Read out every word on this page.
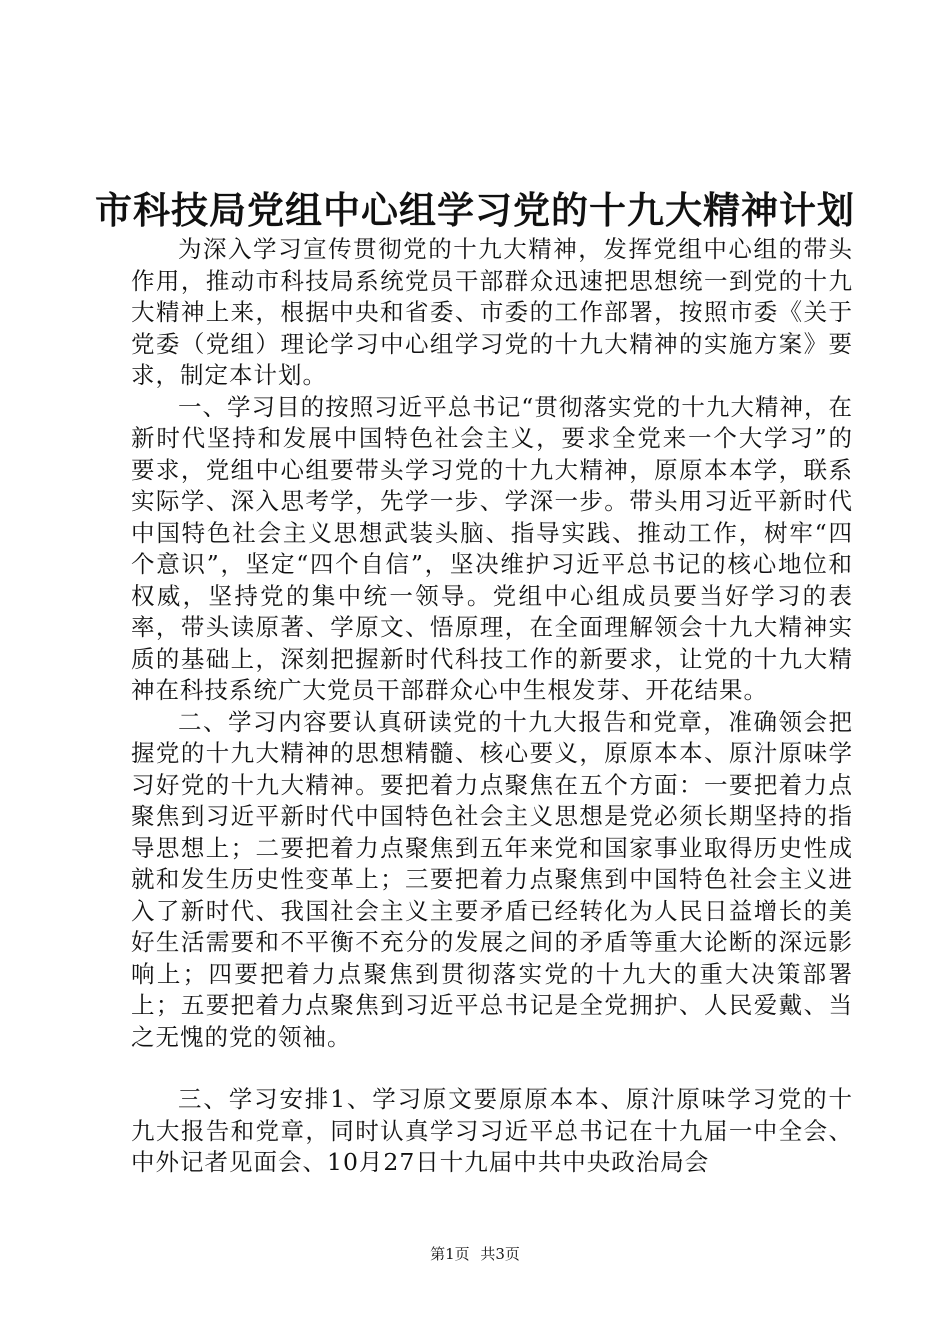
市科技局党组中心组学习党的十九大精神计划

为深入学习宣传贯彻党的十九大精神，发挥党组中心组的带头作用，推动市科技局系统党员干部群众迅速把思想统一到党的十九大精神上来，根据中央和省委、市委的工作部署，按照市委《关于党委（党组）理论学习中心组学习党的十九大精神的实施方案》要求，制定本计划。

一、学习目的按照习近平总书记“贯彻落实党的十九大精神，在新时代坚持和发展中国特色社会主义，要求全党来一个大学习”的要求，党组中心组要带头学习党的十九大精神，原原本本学，联系实际学、深入思考学，先学一步、学深一步。带头用习近平新时代中国特色社会主义思想武装头脑、指导实践、推动工作，树牢“四个意识”，坚定“四个自信”，坚决维护习近平总书记的核心地位和权威，坚持党的集中统一领导。党组中心组成员要当好学习的表率，带头读原著、学原文、悟原理，在全面理解领会十九大精神实质的基础上，深刻把握新时代科技工作的新要求，让党的十九大精神在科技系统广大党员干部群众心中生根发芽、开花结果。

二、学习内容要认真研读党的十九大报告和党章，准确领会把握党的十九大精神的思想精髓、核心要义，原原本本、原汁原味学习好党的十九大精神。要把着力点聚焦在五个方面：一要把着力点聚焦到习近平新时代中国特色社会主义思想是党必须长期坚持的指导思想上；二要把着力点聚焦到五年来党和国家事业取得历史性成就和发生历史性变革上；三要把着力点聚焦到中国特色社会主义进入了新时代、我国社会主义主要矛盾已经转化为人民日益增长的美好生活需要和不平衡不充分的发展之间的矛盾等重大论断的深远影响上；四要把着力点聚焦到贯彻落实党的十九大的重大决策部署上；五要把着力点聚焦到习近平总书记是全党拥护、人民爱戴、当之无愧的党的领袖。

三、学习安排1、学习原文要原原本本、原汁原味学习党的十九大报告和党章，同时认真学习习近平总书记在十九届一中全会、中外记者见面会、10月27日十九届中共中央政治局会

第1页 共3页
